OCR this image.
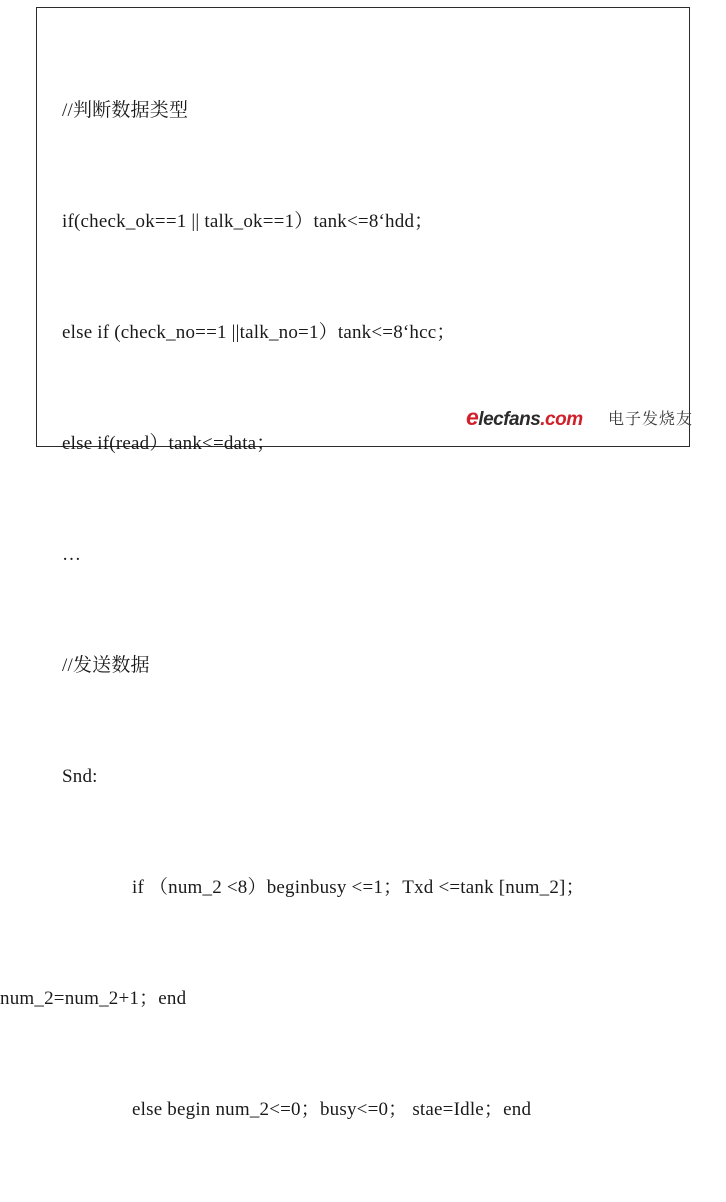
//判断数据类型

if(check_ok==1 || talk_ok==1）tank<=8‘hdd；

else if (check_no==1 ||talk_no=1）tank<=8‘hcc；

else if(read）tank<=data；

…

//发送数据

Snd:

if （num_2 <8）beginbusy <=1；Txd <=tank [num_2]；

num_2=num_2+1；end

else begin num_2<=0；busy<=0； stae=Idle；end

elecfans.com 电子发烧友
